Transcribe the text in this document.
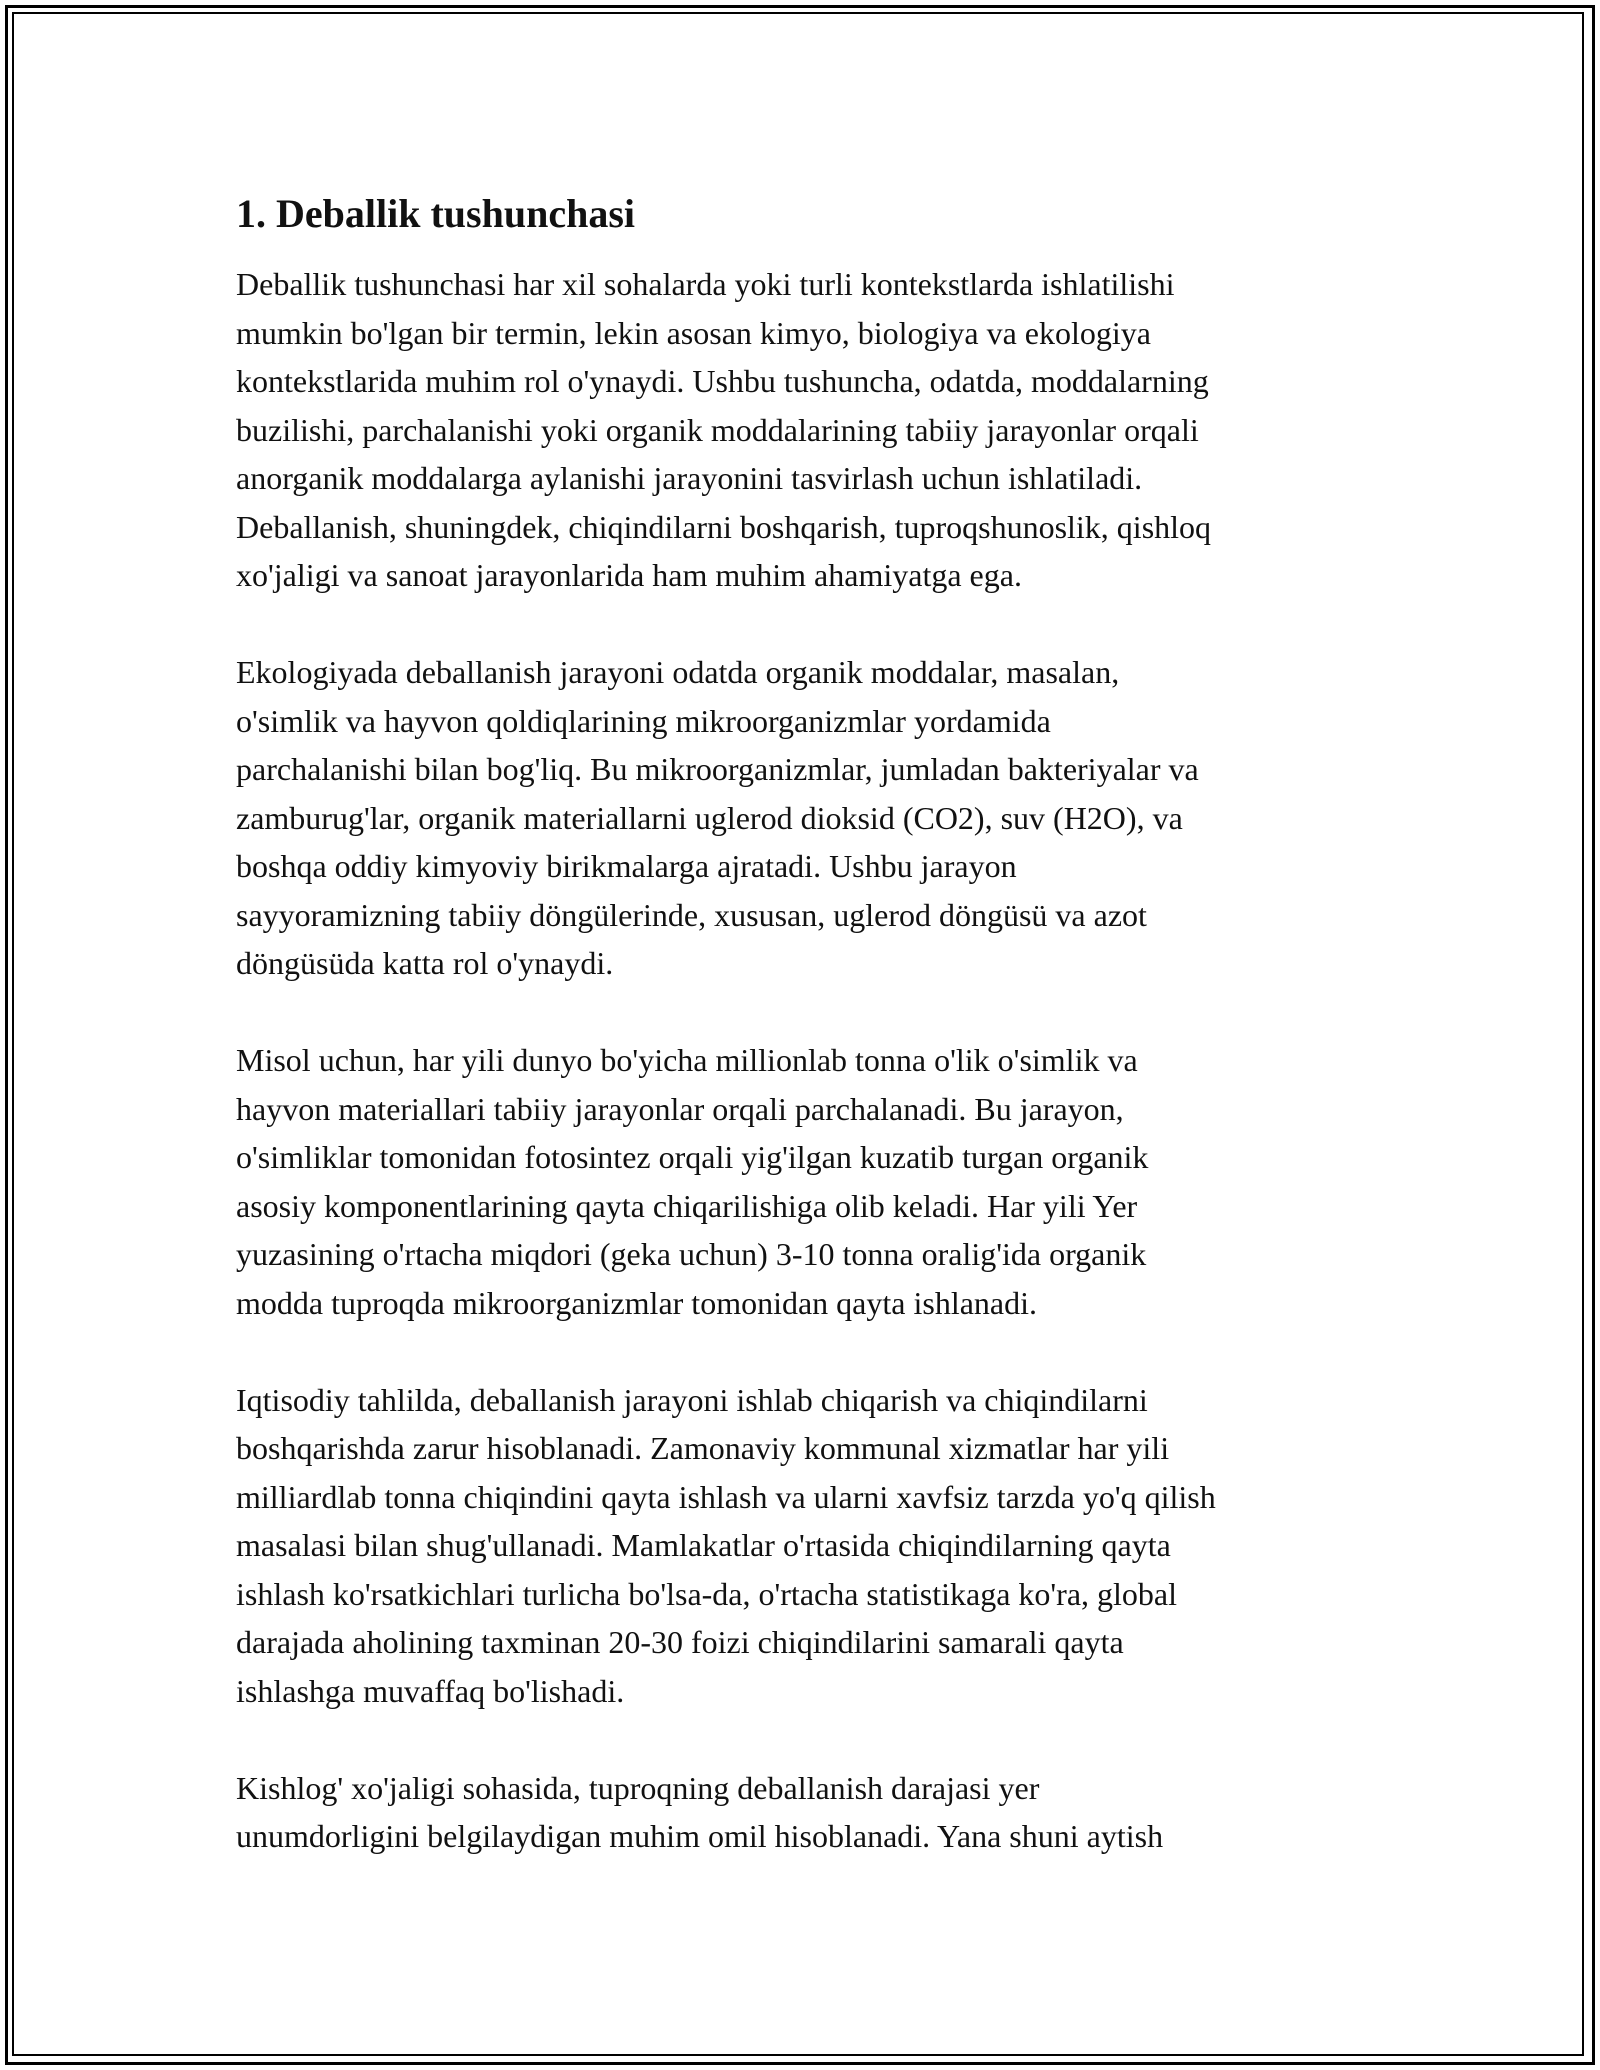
1. Deballik tushunchasi

Deballik tushunchasi har xil sohalarda yoki turli kontekstlarda ishlatilishi
mumkin bo'lgan bir termin, lekin asosan kimyo, biologiya va ekologiya
kontekstlarida muhim rol o'ynaydi. Ushbu tushuncha, odatda, moddalarning
buzilishi, parchalanishi yoki organik moddalarining tabiiy jarayonlar orqali
anorganik moddalarga aylanishi jarayonini tasvirlash uchun ishlatiladi.
Deballanish, shuningdek, chiqindilarni boshqarish, tuproqshunoslik, qishloq
xo'jaligi va sanoat jarayonlarida ham muhim ahamiyatga ega.

Ekologiyada deballanish jarayoni odatda organik moddalar, masalan,
o'simlik va hayvon qoldiqlarining mikroorganizmlar yordamida
parchalanishi bilan bog'liq. Bu mikroorganizmlar, jumladan bakteriyalar va
zamburug'lar, organik materiallarni uglerod dioksid (CO2), suv (H2O), va
boshqa oddiy kimyoviy birikmalarga ajratadi. Ushbu jarayon
sayyoramizning tabiiy döngülerinde, xususan, uglerod döngüsü va azot
döngüsüda katta rol o'ynaydi.

Misol uchun, har yili dunyo bo'yicha millionlab tonna o'lik o'simlik va
hayvon materiallari tabiiy jarayonlar orqali parchalanadi. Bu jarayon,
o'simliklar tomonidan fotosintez orqali yig'ilgan kuzatib turgan organik
asosiy komponentlarining qayta chiqarilishiga olib keladi. Har yili Yer
yuzasining o'rtacha miqdori (geka uchun) 3-10 tonna oralig'ida organik
modda tuproqda mikroorganizmlar tomonidan qayta ishlanadi.

Iqtisodiy tahlilda, deballanish jarayoni ishlab chiqarish va chiqindilarni
boshqarishda zarur hisoblanadi. Zamonaviy kommunal xizmatlar har yili
milliardlab tonna chiqindini qayta ishlash va ularni xavfsiz tarzda yo'q qilish
masalasi bilan shug'ullanadi. Mamlakatlar o'rtasida chiqindilarning qayta
ishlash ko'rsatkichlari turlicha bo'lsa-da, o'rtacha statistikaga ko'ra, global
darajada aholining taxminan 20-30 foizi chiqindilarini samarali qayta
ishlashga muvaffaq bo'lishadi.

Kishlog' xo'jaligi sohasida, tuproqning deballanish darajasi yer
unumdorligini belgilaydigan muhim omil hisoblanadi. Yana shuni aytish
